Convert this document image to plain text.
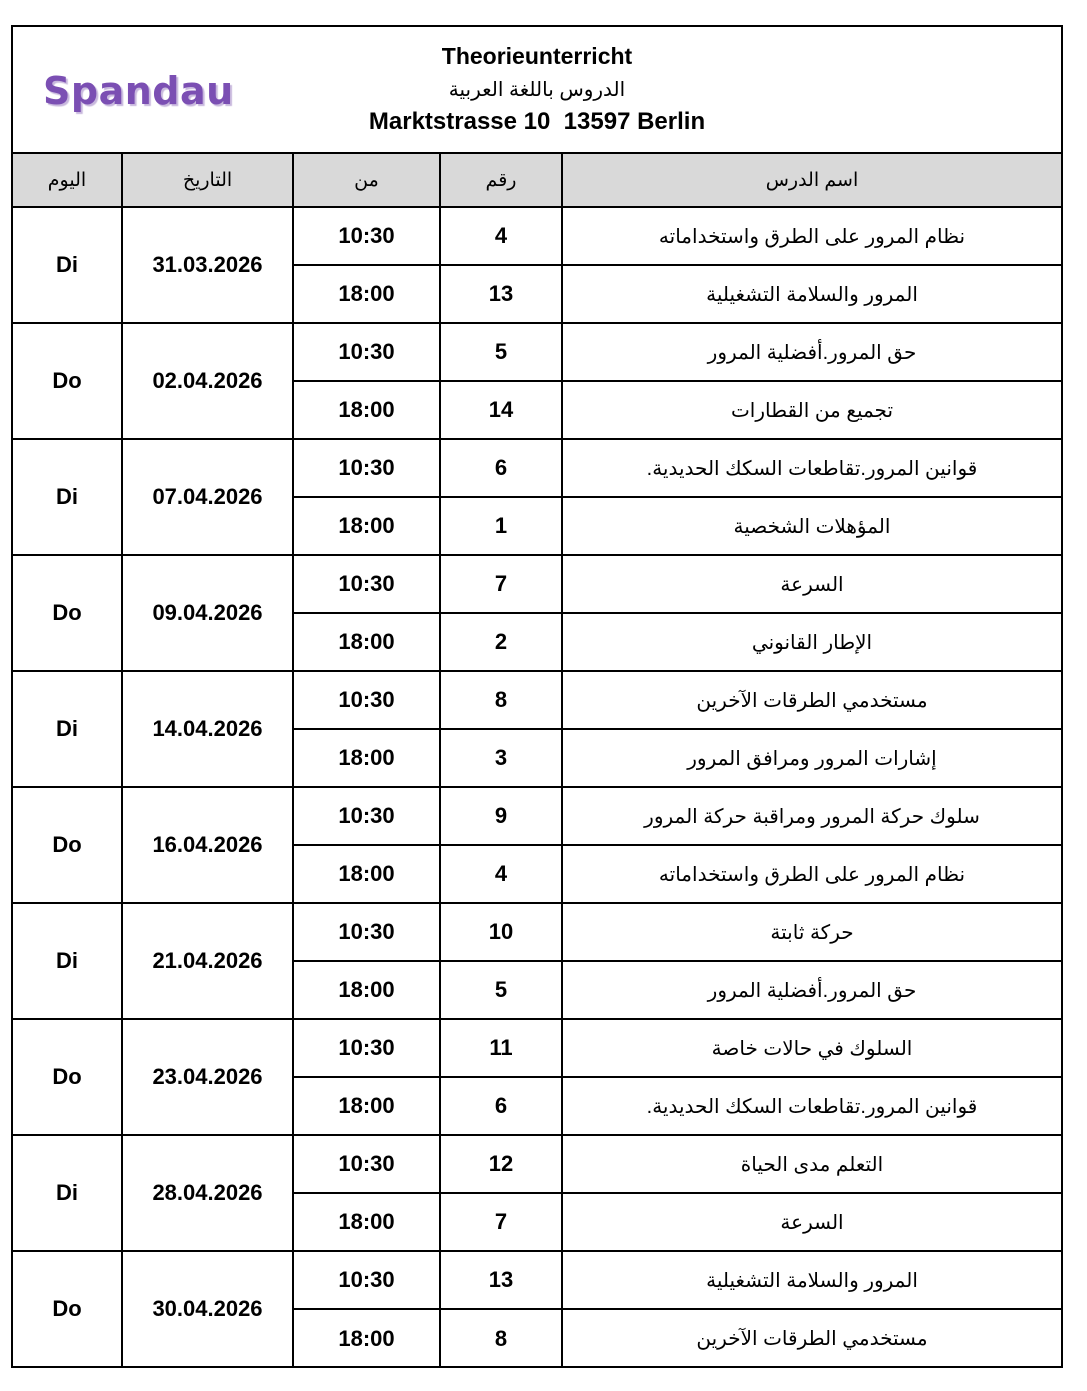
Spandau
Theorieunterricht
الدروس باللغة العربية
Marktstrasse 10  13597 Berlin
اليوم	التاريخ	من	رقم	اسم الدرس
Di	31.03.2026	10:30	4	نظام المرور على الطرق واستخداماته
		18:00	13	المرور والسلامة التشغيلية
Do	02.04.2026	10:30	5	حق المرور.أفضلية المرور
		18:00	14	تجميع من القطارات
Di	07.04.2026	10:30	6	قوانين المرور.تقاطعات السكك الحديدية.
		18:00	1	المؤهلات الشخصية
Do	09.04.2026	10:30	7	السرعة
		18:00	2	الإطار القانوني
Di	14.04.2026	10:30	8	مستخدمي الطرقات الآخرين
		18:00	3	إشارات المرور ومرافق المرور
Do	16.04.2026	10:30	9	سلوك حركة المرور ومراقبة حركة المرور
		18:00	4	نظام المرور على الطرق واستخداماته
Di	21.04.2026	10:30	10	حركة ثابتة
		18:00	5	حق المرور.أفضلية المرور
Do	23.04.2026	10:30	11	السلوك في حالات خاصة
		18:00	6	قوانين المرور.تقاطعات السكك الحديدية.
Di	28.04.2026	10:30	12	التعلم مدى الحياة
		18:00	7	السرعة
Do	30.04.2026	10:30	13	المرور والسلامة التشغيلية
		18:00	8	مستخدمي الطرقات الآخرين
